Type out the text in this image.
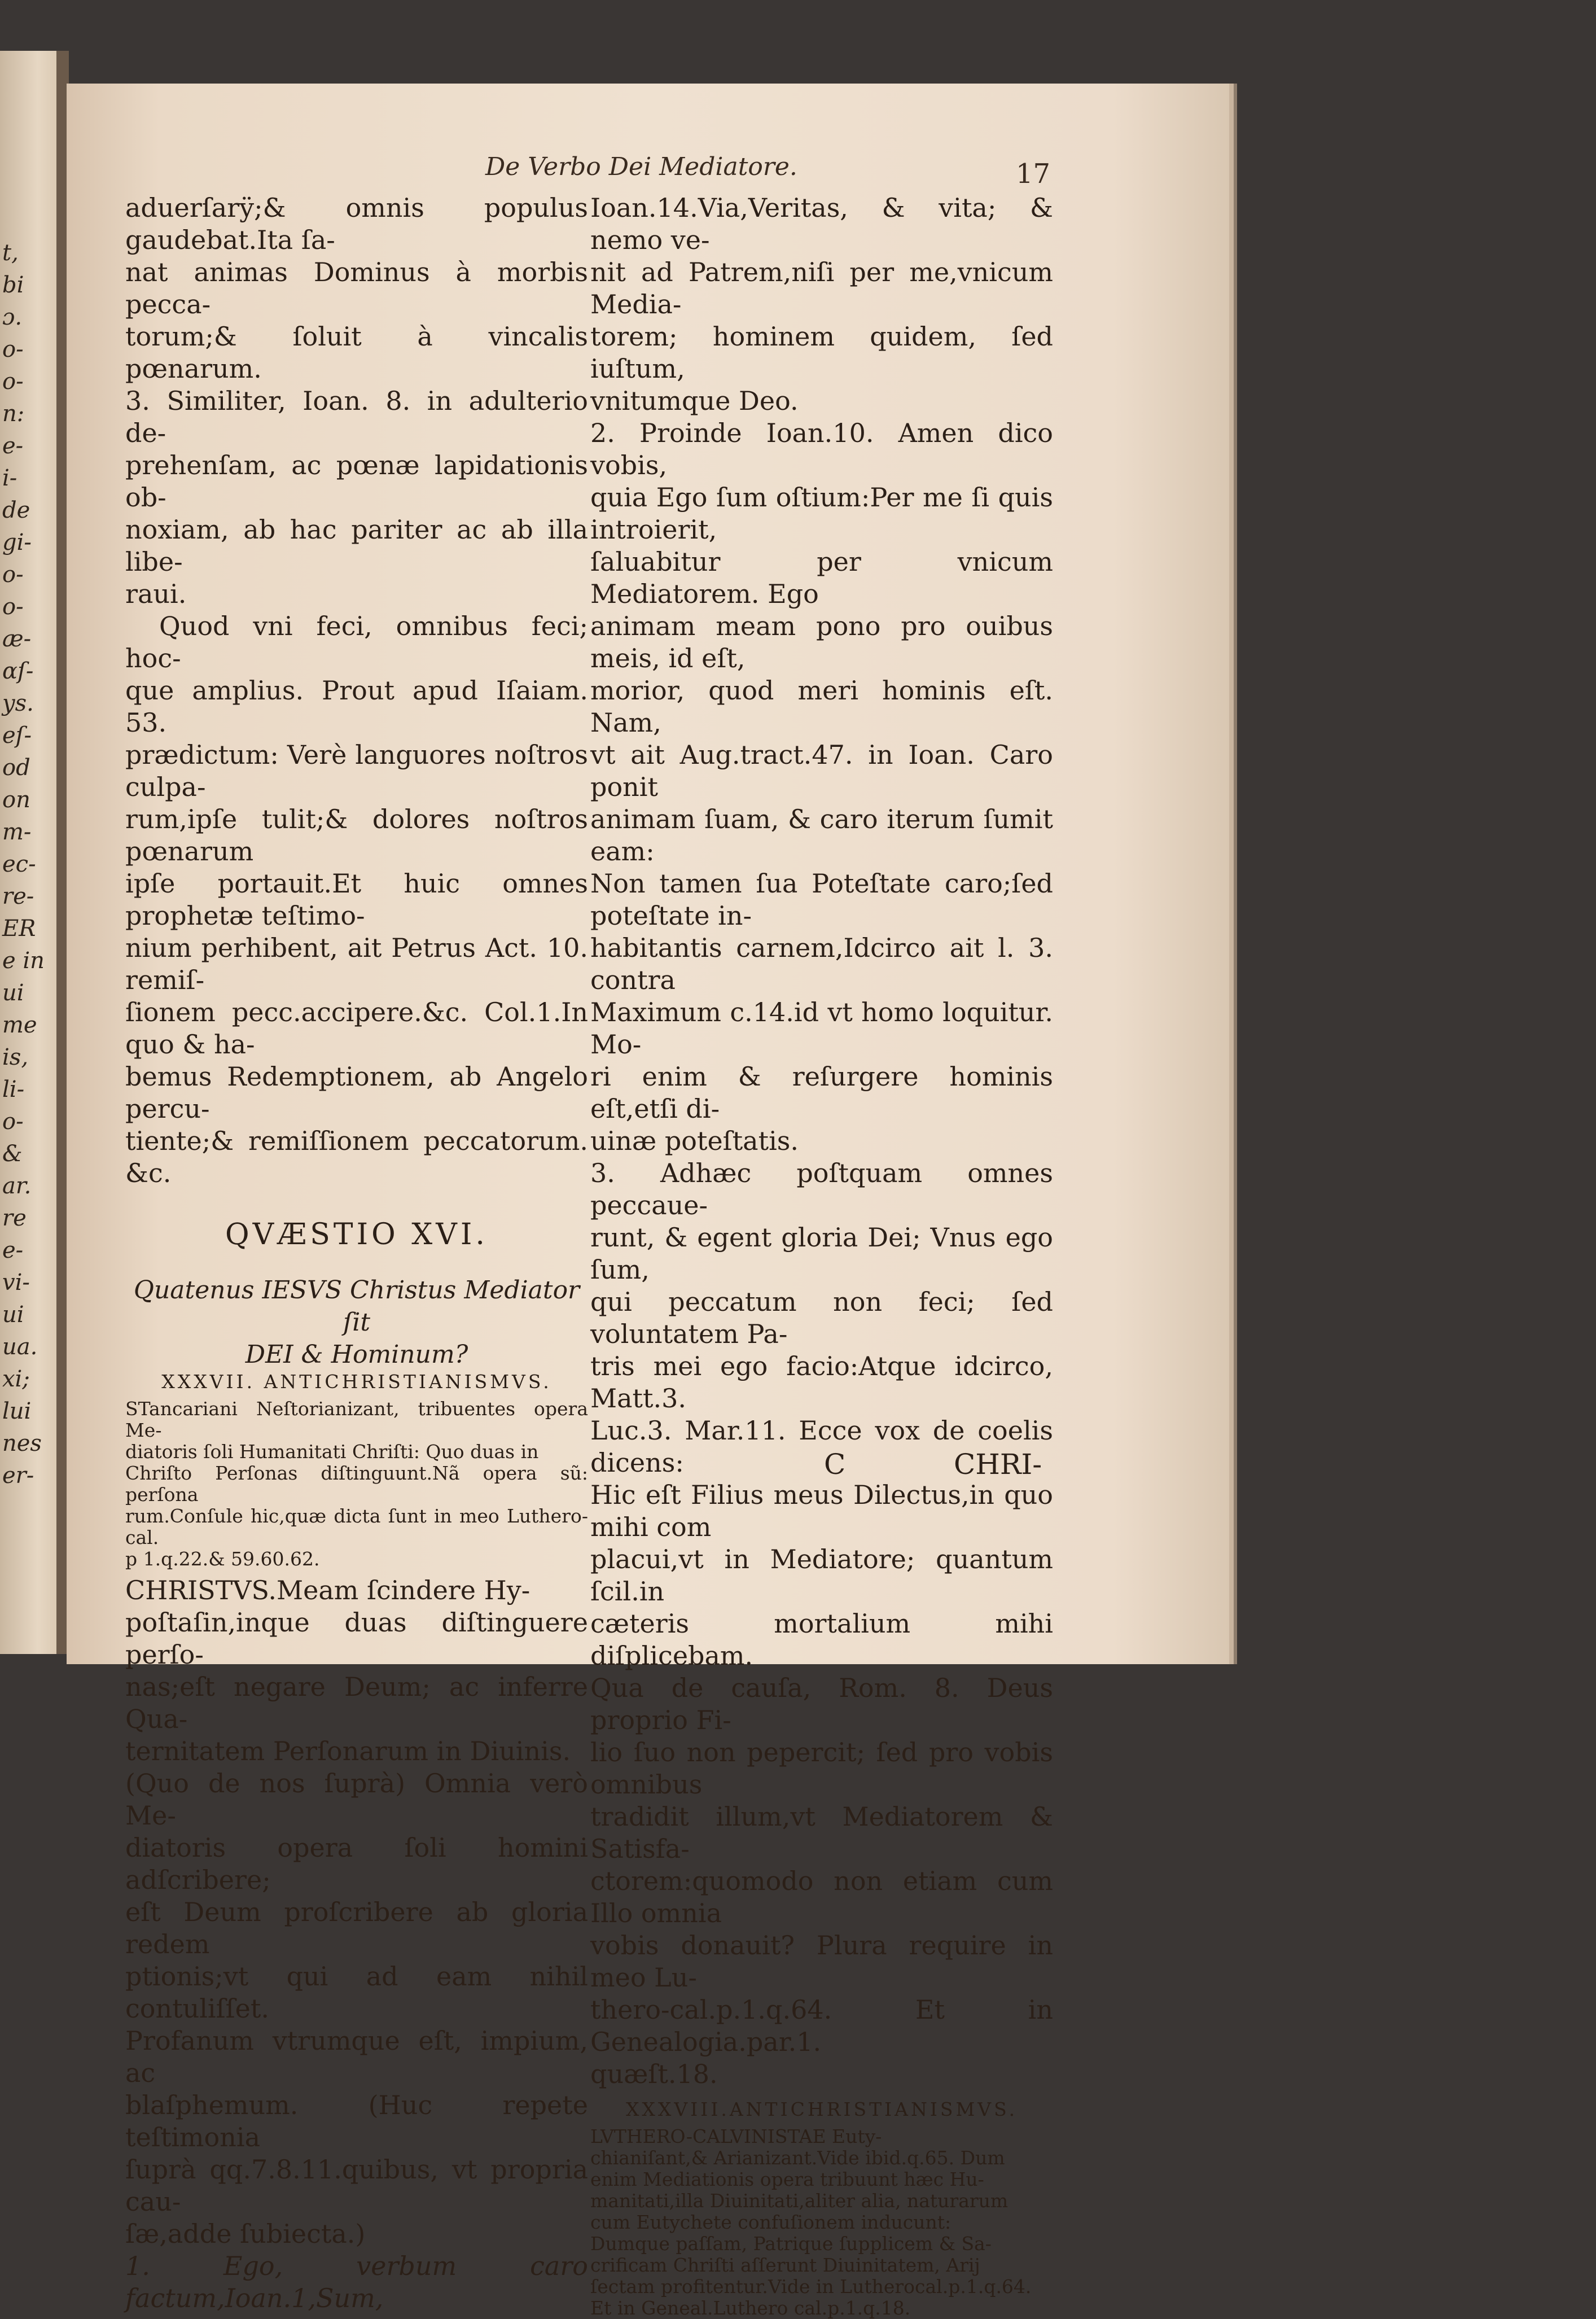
t,
bi
ɔ.
o-
o-
n:
e-
i-
de
gi-
o-
o-
æ-
ɑſ-
ys.
eſ-
od
on
m-
ec-
re-
ER
e in
ui
me
is,
li-
o-
&
ar.
re
e-
vi-
ui
ua.
xi;
lui
nes
er-
De Verbo Dei Mediatore.	17

aduerſarÿ;& omnis populus gaudebat.Ita ſa-
nat animas Dominus à morbis pecca-
torum;& ſoluit à vincalis pœnarum.

3. Similiter, Ioan. 8. in adulterio de-
prehenſam, ac pœnæ lapidationis ob-
noxiam, ab hac pariter ac ab illa libe-
raui.

Quod vni feci, omnibus feci; hoc-
que amplius. Prout apud Iſaiam. 53.
prædictum: Verè languores noſtros culpa-
rum,ipſe tulit;& dolores noſtros pœnarum
ipſe portauit.Et huic omnes prophetæ teſtimo-
nium perhibent, ait Petrus Act. 10. remiſ-
ſionem pecc.accipere.&c. Col.1.In quo & ha-
bemus Redemptionem, ab Angelo percu-
tiente;& remiſſionem peccatorum. &c.

QVÆSTIO XVI.

Quatenus IESVS Christus Mediator ſit
DEI & Hominum?

XXXVII. ANTICHRISTIANISMVS.

STancariani Neſtorianizant, tribuentes opera Me-
diatoris ſoli Humanitati Chriſti: Quo duas in
Chriſto Perſonas diſtinguunt.Nã opera sũ: perſona
rum.Conſule hic,quæ dicta ſunt in meo Luthero-cal.
p 1.q.22.& 59.60.62.

CHRISTVS.Meam ſcindere Hy-
poſtaſin,inque duas diſtinguere perſo-
nas;eſt negare Deum; ac inferre Qua-
ternitatem Perſonarum in Diuinis.
(Quo de nos ſuprà) Omnia verò Me-
diatoris opera ſoli homini adſcribere;
eſt Deum proſcribere ab gloria redem
ptionis;vt qui ad eam nihil contuliſſet.
Profanum vtrumque eſt, impium, ac
blaſphemum. (Huc repete teſtimonia
ſuprà qq.7.8.11.quibus, vt propria cau-
ſæ,adde ſubiecta.)

1. Ego, verbum caro factum,Ioan.1,Sum,

Ioan.14.Via,Veritas, & vita; & nemo ve-
nit ad Patrem,niſi per me,vnicum Media-
torem; hominem quidem, ſed iuſtum,
vnitumque Deo.

2. Proinde Ioan.10. Amen dico vobis,
quia Ego ſum oſtium:Per me ſi quis introierit,
ſaluabitur per vnicum Mediatorem. Ego
animam meam pono pro ouibus meis, id eſt,
morior, quod meri hominis eſt. Nam,
vt ait Aug.tract.47. in Ioan. Caro ponit
animam ſuam, & caro iterum ſumit eam:
Non tamen ſua Poteſtate caro;ſed poteſtate in-
habitantis carnem,Idcirco ait l. 3. contra
Maximum c.14.id vt homo loquitur. Mo-
ri enim & reſurgere hominis eſt,etſi di-
uinæ poteſtatis.

3. Adhæc poſtquam omnes peccaue-
runt, & egent gloria Dei; Vnus ego ſum,
qui peccatum non feci; ſed voluntatem Pa-
tris mei ego facio:Atque idcirco, Matt.3.
Luc.3. Mar.11. Ecce vox de coelis dicens:
Hic eſt Filius meus Dilectus,in quo mihi com
placui,vt in Mediatore; quantum ſcil.in
cæteris mortalium mihi diſplicebam.
Qua de cauſa, Rom. 8. Deus proprio Fi-
lio ſuo non pepercit; ſed pro vobis omnibus
tradidit illum,vt Mediatorem & Satisfa-
ctorem:quomodo non etiam cum Illo omnia
vobis donauit? Plura require in meo Lu-
thero-cal.p.1.q.64. Et in Genealogia.par.1.
quæſt.18.

XXXVIII.ANTICHRISTIANISMVS.

LVTHERO-CALVINISTAE Euty-
chianiſant,& Arianizant.Vide ibid.q.65. Dum
enim Mediationis opera tribuunt hæc Hu-
manitati,illa Diuinitati,aliter alia, naturarum
cum Eutychete confuſionem inducunt:
Dumque paſſam, Patrique ſupplicem & Sa-
crificam Chriſti aſſerunt Diuinitatem, Arij
ſectam profitentur.Vide in Lutherocal.p.1.q.64.
Et in Geneal.Luthero cal.p.1.q.18.

C	CHRI-
